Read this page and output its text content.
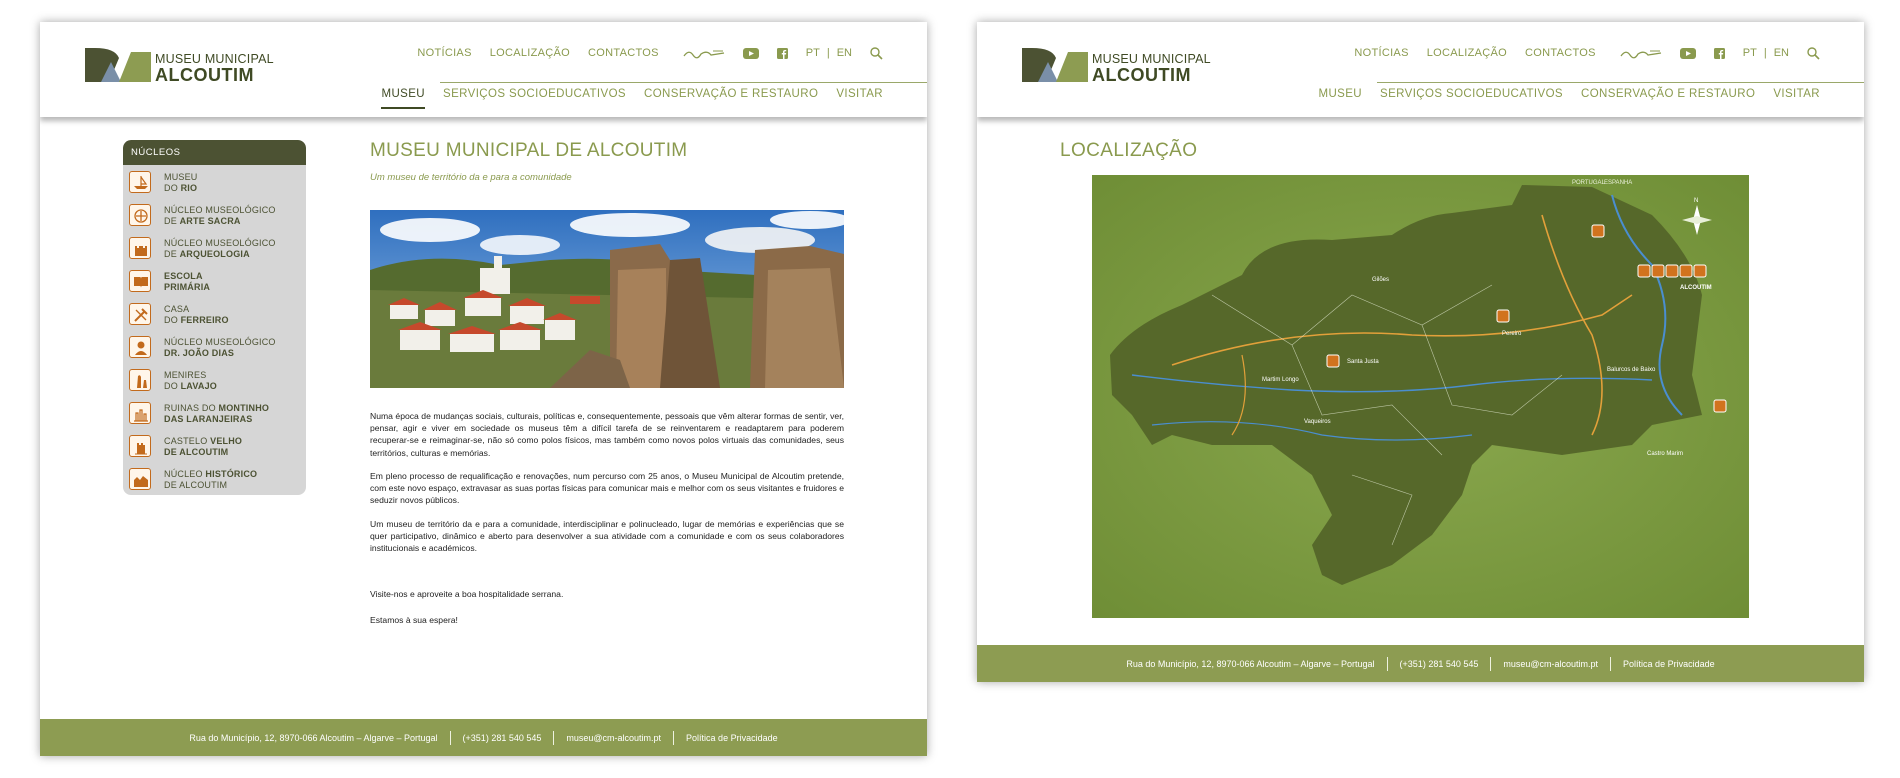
MUSEU MUNICIPAL
ALCOUTIM
NOTÍCIAS LOCALIZAÇÃO CONTACTOS	PT | EN
MUSEU SERVIÇOS SOCIOEDUCATIVOS CONSERVAÇÃO E RESTAURO VISITAR
NÚCLEOS
MUSEU
DO RIO
NÚCLEO MUSEOLÓGICO
DE ARTE SACRA
NÚCLEO MUSEOLÓGICO
DE ARQUEOLOGIA
ESCOLA
PRIMÁRIA
CASA
DO FERREIRO
NÚCLEO MUSEOLÓGICO
DR. JOÃO DIAS
MENIRES
DO LAVAJO
RUINAS DO MONTINHO
DAS LARANJEIRAS
CASTELO VELHO
DE ALCOUTIM
NÚCLEO HISTÓRICO
DE ALCOUTIM
MUSEU MUNICIPAL DE ALCOUTIM
Um museu de território da e para a comunidade
Numa época de mudanças sociais, culturais, políticas e, consequentemente, pessoais que vêm alterar formas de sentir, ver, pensar, agir e viver em sociedade os museus têm a difícil tarefa de se reinventarem e readaptarem para poderem recuperar-se e reimaginar-se, não só como polos físicos, mas também como novos polos virtuais das comunidades, seus territórios, culturas e memórias.
Em pleno processo de requalificação e renovações, num percurso com 25 anos, o Museu Municipal de Alcoutim pretende, com este novo espaço, extravasar as suas portas físicas para comunicar mais e melhor com os seus visitantes e fruidores e seduzir novos públicos.
Um museu de território da e para a comunidade, interdisciplinar e polinucleado, lugar de memórias e experiências que se quer participativo, dinâmico e aberto para desenvolver a sua atividade com a comunidade e com os seus colaboradores institucionais e académicos.
Visite-nos e aproveite a boa hospitalidade serrana.
Estamos à sua espera!
Rua do Município, 12, 8970-066 Alcoutim – Algarve – Portugal	(+351) 281 540 545	museu@cm-alcoutim.pt	Política de Privacidade
MUSEU MUNICIPAL
ALCOUTIM
NOTÍCIAS LOCALIZAÇÃO CONTACTOS	PT | EN
MUSEU SERVIÇOS SOCIOEDUCATIVOS CONSERVAÇÃO E RESTAURO VISITAR
LOCALIZAÇÃO
PORTUGAL ESPANHA
ALCOUTIM
Gilões
Balurcos de Baixo
Pereiro
Martim Longo
Santa Justa
Vaqueiros
Castro Marim
N
Rua do Município, 12, 8970-066 Alcoutim – Algarve – Portugal	(+351) 281 540 545	museu@cm-alcoutim.pt	Política de Privacidade
